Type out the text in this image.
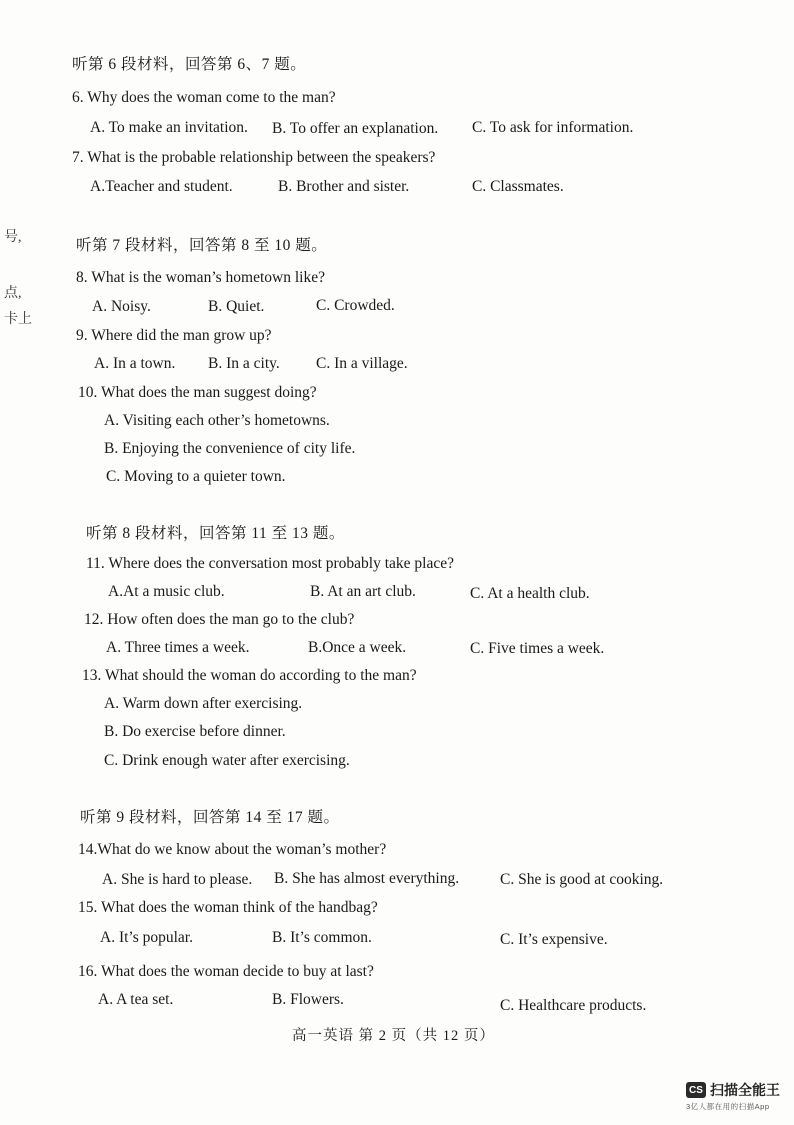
号,
点,
卡上
听第 6 段材料，回答第 6、7 题。
6. Why does the woman come to the man?
A. To make an invitation. B. To offer an explanation. C. To ask for information.
7. What is the probable relationship between the speakers?
A.Teacher and student.	B. Brother and sister.	C. Classmates.
听第 7 段材料，回答第 8 至 10 题。
8. What is the woman’s hometown like?
A. Noisy.	B. Quiet.	C. Crowded.
9. Where did the man grow up?
A. In a town. B. In a city. C. In a village.
10. What does the man suggest doing?
A. Visiting each other’s hometowns.
B. Enjoying the convenience of city life.
C. Moving to a quieter town.
听第 8 段材料，回答第 11 至 13 题。
11. Where does the conversation most probably take place?
A.At a music club.	B. At an art club.	C. At a health club.
12. How often does the man go to the club?
A. Three times a week.	B.Once a week.	C. Five times a week.
13. What should the woman do according to the man?
A. Warm down after exercising.
B. Do exercise before dinner.
C. Drink enough water after exercising.
听第 9 段材料，回答第 14 至 17 题。
14.What do we know about the woman’s mother?
A. She is hard to please. B. She has almost everything.	C. She is good at cooking.
15. What does the woman think of the handbag?
A. It’s popular.	B. It’s common.	C. It’s expensive.
16. What does the woman decide to buy at last?
A. A tea set.	B. Flowers.	C. Healthcare products.
高一英语 第 2 页（共 12 页）
CS 扫描全能王
3亿人都在用的扫描App
